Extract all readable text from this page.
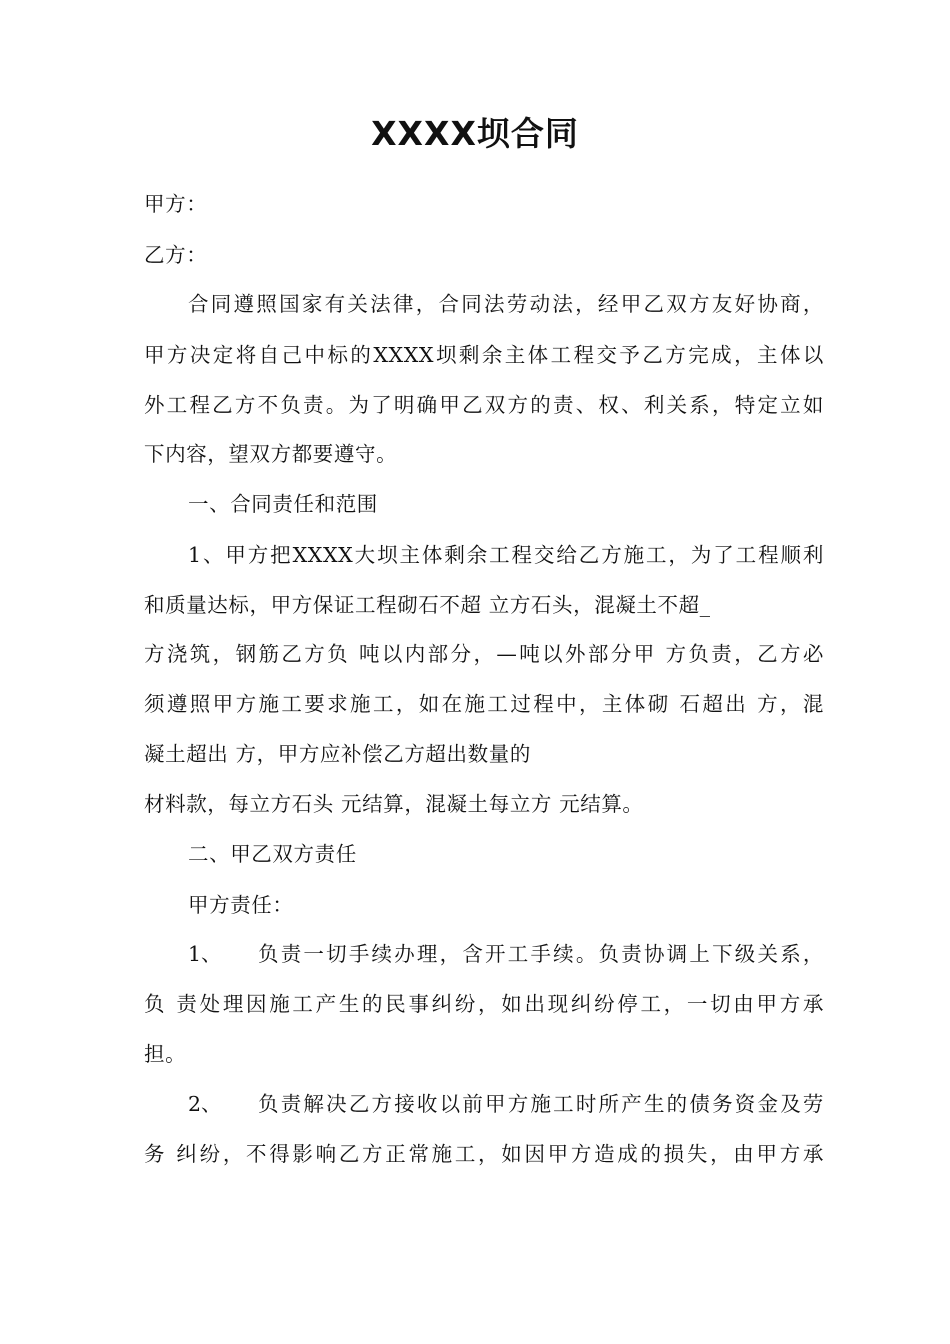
XXXX坝合同
甲方：
乙方：
合同遵照国家有关法律，合同法劳动法，经甲乙双方友好协商，
甲方决定将自己中标的XXXX坝剩余主体工程交予乙方完成，主体以
外工程乙方不负责。为了明确甲乙双方的责、权、利关系，特定立如
下内容，望双方都要遵守。
一、合同责任和范围
1、甲方把XXXX大坝主体剩余工程交给乙方施工，为了工程顺利
和质量达标，甲方保证工程砌石不超 立方石头，混凝土不超_
方浇筑，钢筋乙方负 吨以内部分，—吨以外部分甲 方负责，乙方必
须遵照甲方施工要求施工，如在施工过程中，主体砌 石超出 方，混
凝土超出 方，甲方应补偿乙方超出数量的
材料款，每立方石头 元结算，混凝土每立方 元结算。
二、甲乙双方责任
甲方责任：
1、 负责一切手续办理，含开工手续。负责协调上下级关系，
负 责处理因施工产生的民事纠纷，如出现纠纷停工，一切由甲方承
担。
2、 负责解决乙方接收以前甲方施工时所产生的债务资金及劳
务 纠纷，不得影响乙方正常施工，如因甲方造成的损失，由甲方承
